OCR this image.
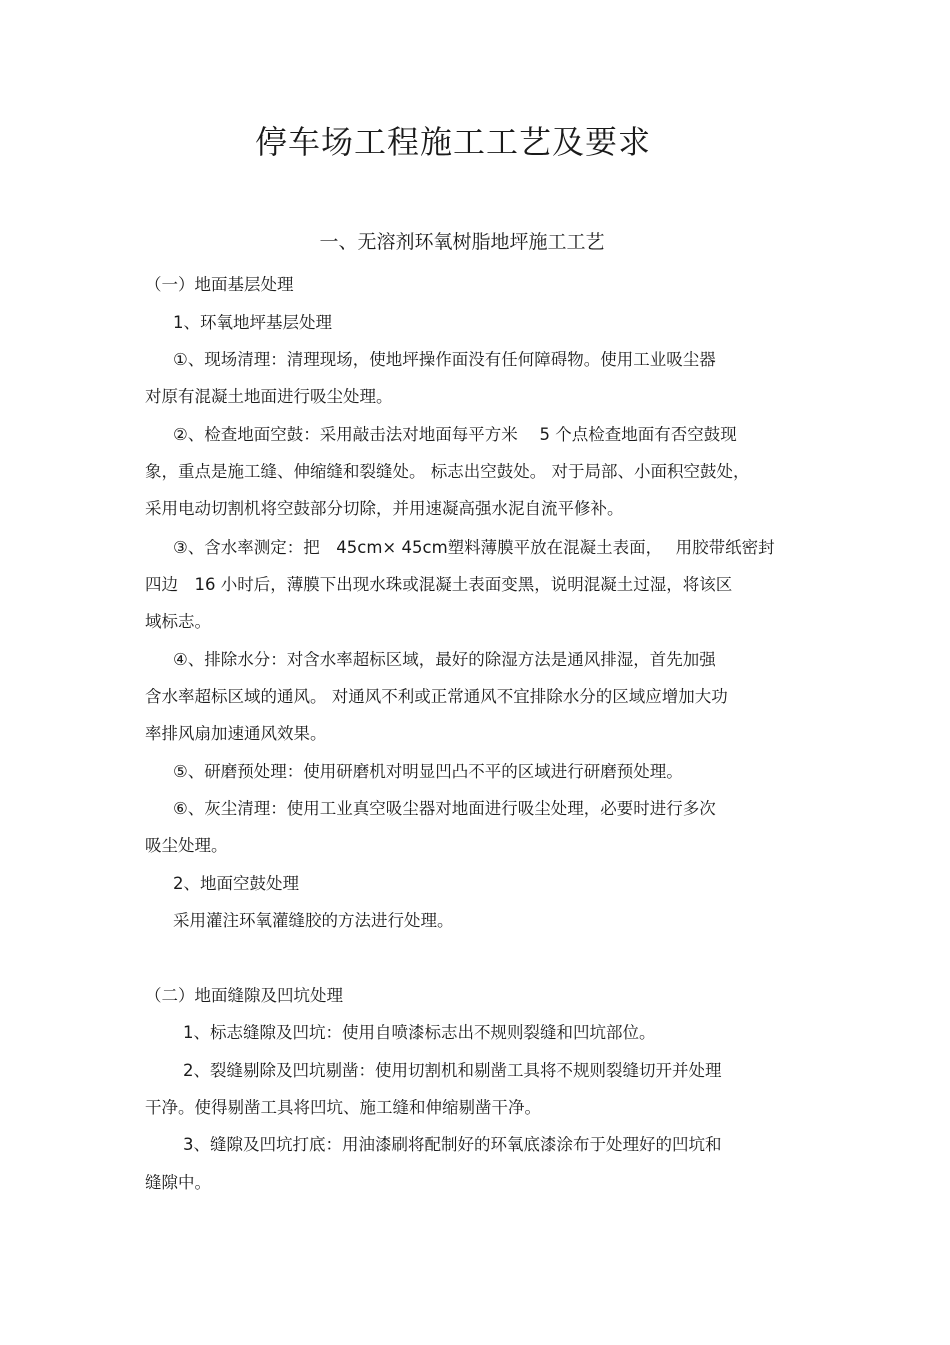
停车场工程施工工艺及要求
一、无溶剂环氧树脂地坪施工工艺
（一）地面基层处理
1、环氧地坪基层处理
①、现场清理：清理现场，使地坪操作面没有任何障碍物。使用工业吸尘器
对原有混凝土地面进行吸尘处理。
②、检查地面空鼓：采用敲击法对地面每平方米　 5 个点检查地面有否空鼓现
象，重点是施工缝、伸缩缝和裂缝处。 标志出空鼓处。 对于局部、小面积空鼓处，
采用电动切割机将空鼓部分切除，并用速凝高强水泥自流平修补。
③、含水率测定：把　45cm× 45cm塑料薄膜平放在混凝土表面，　 用胶带纸密封
四边　16 小时后，薄膜下出现水珠或混凝土表面变黑，说明混凝土过湿，将该区
域标志。
④、排除水分：对含水率超标区域，最好的除湿方法是通风排湿，首先加强
含水率超标区域的通风。 对通风不利或正常通风不宜排除水分的区域应增加大功
率排风扇加速通风效果。
⑤、研磨预处理：使用研磨机对明显凹凸不平的区域进行研磨预处理。
⑥、灰尘清理：使用工业真空吸尘器对地面进行吸尘处理，必要时进行多次
吸尘处理。
2、地面空鼓处理
采用灌注环氧灌缝胶的方法进行处理。
（二）地面缝隙及凹坑处理
1、标志缝隙及凹坑：使用自喷漆标志出不规则裂缝和凹坑部位。
2、裂缝剔除及凹坑剔凿：使用切割机和剔凿工具将不规则裂缝切开并处理
干净。使得剔凿工具将凹坑、施工缝和伸缩剔凿干净。
3、缝隙及凹坑打底：用油漆刷将配制好的环氧底漆涂布于处理好的凹坑和
缝隙中。
